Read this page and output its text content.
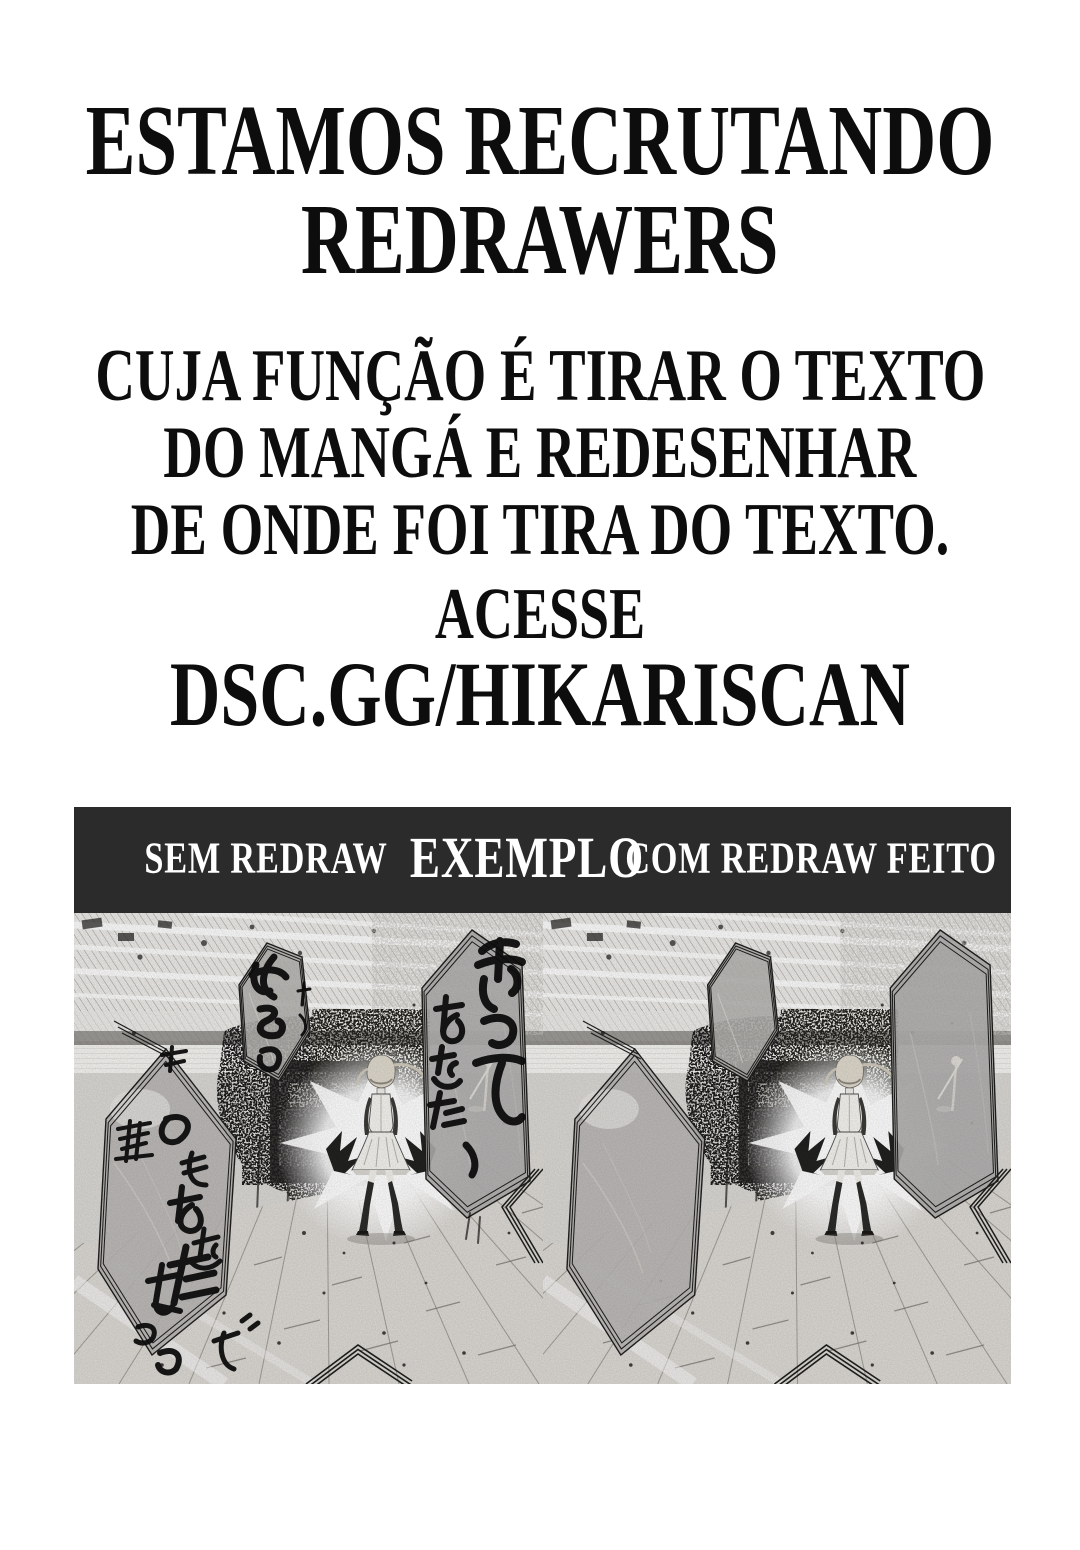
ESTAMOS RECRUTANDO
REDRAWERS
CUJA FUNÇÃO É TIRAR O TEXTO
DO MANGÁ E REDESENHAR
DE ONDE FOI TIRA DO TEXTO.
ACESSE
DSC.GG/HIKARISCAN
SEM REDRAW EXEMPLO
COM REDRAW FEITO
